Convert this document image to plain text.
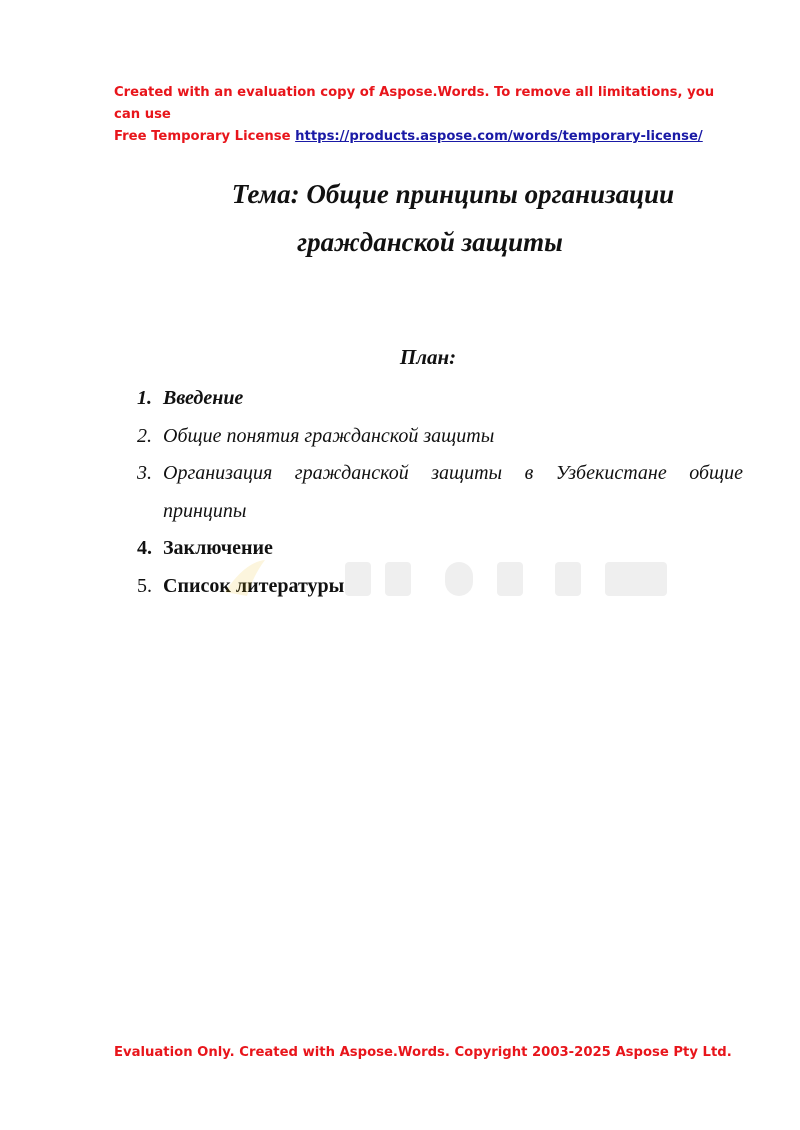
Created with an evaluation copy of Aspose.Words. To remove all limitations, you can use
Free Temporary License https://products.aspose.com/words/temporary-license/
Тема: Общие принципы организации
гражданской защиты
План:
1. Введение
2. Общие понятия гражданской защиты
3. Организация гражданской защиты в Узбекистане общие
принципы
4. Заключение
5. Список литературы
Evaluation Only. Created with Aspose.Words. Copyright 2003-2025 Aspose Pty Ltd.
